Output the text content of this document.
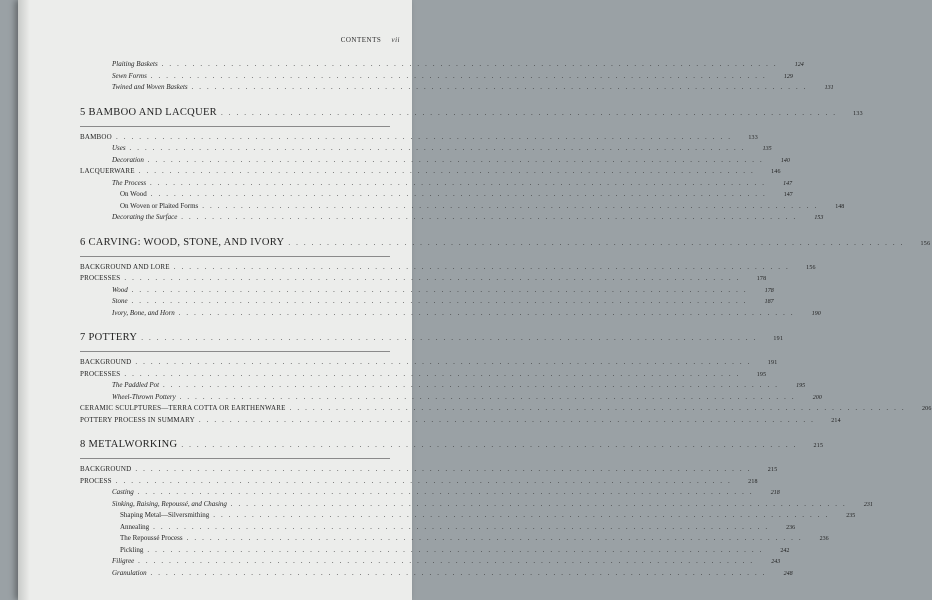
CONTENTS vii
Plaiting Baskets ................................................................................	124
Sewn Forms ................................................................................	129
Twined and Woven Baskets ................................................................................	131
5 BAMBOO AND LACQUER ................................................................................	133
BAMBOO ................................................................................	133
Uses ................................................................................	135
Decoration ................................................................................	140
LACQUERWARE ................................................................................	146
The Process ................................................................................	147
On Wood ................................................................................	147
On Woven or Plaited Forms ................................................................................	148
Decorating the Surface ................................................................................	153
6 CARVING: WOOD, STONE, AND IVORY ................................................................................	156
BACKGROUND AND LORE ................................................................................	156
PROCESSES ................................................................................	178
Wood ................................................................................	178
Stone ................................................................................	187
Ivory, Bone, and Horn ................................................................................	190
7 POTTERY ................................................................................	191
BACKGROUND ................................................................................	191
PROCESSES ................................................................................	195
The Paddled Pot ................................................................................	195
Wheel-Thrown Pottery ................................................................................	200
CERAMIC SCULPTURES—TERRA COTTA OR EARTHENWARE ................................................................................	206
POTTERY PROCESS IN SUMMARY ................................................................................	214
8 METALWORKING ................................................................................	215
BACKGROUND ................................................................................	215
PROCESS ................................................................................	218
Casting ................................................................................	218
Sinking, Raising, Repoussé, and Chasing ................................................................................	231
Shaping Metal—Silversmithing ................................................................................	235
Annealing ................................................................................	236
The Repoussé Process ................................................................................	236
Pickling ................................................................................	242
Filigree ................................................................................	243
Granulation ................................................................................	248
